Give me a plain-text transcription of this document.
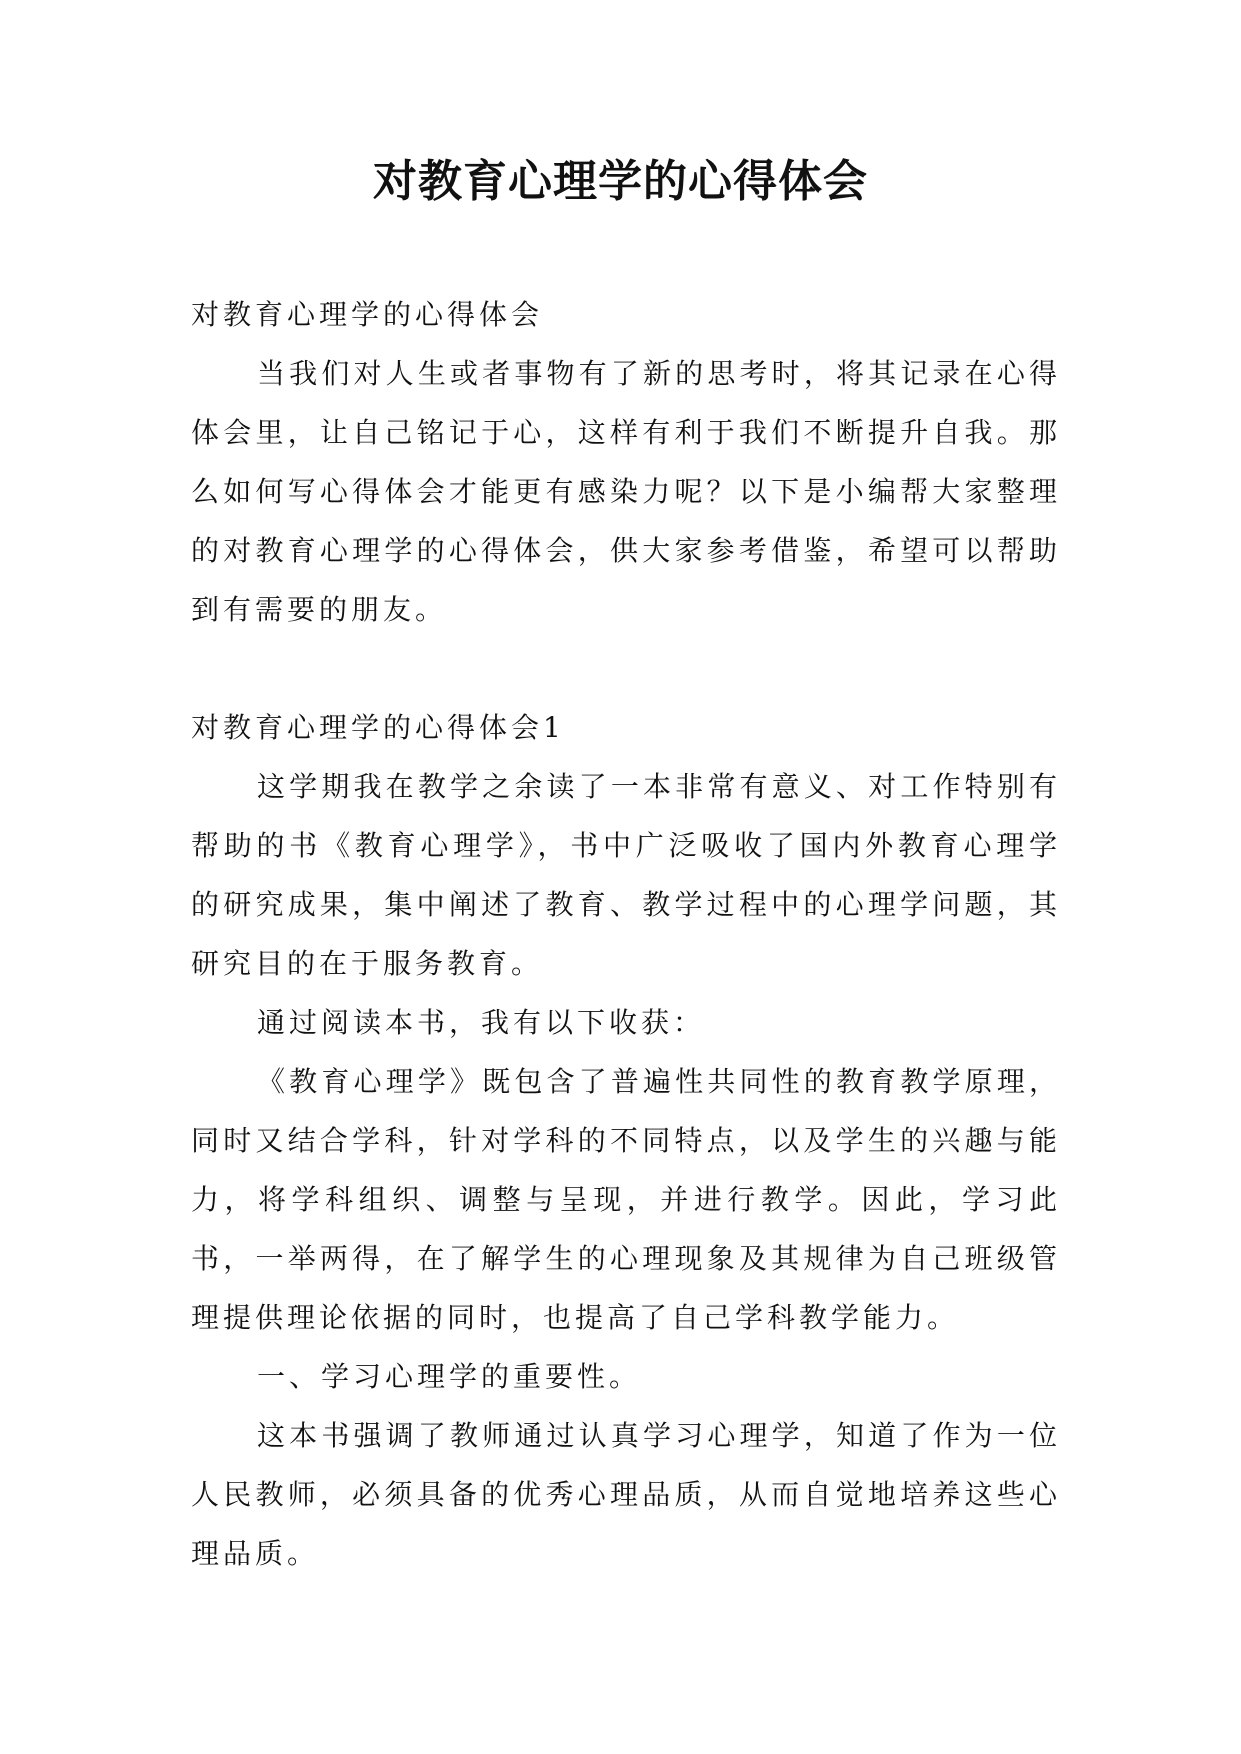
对教育心理学的心得体会

对教育心理学的心得体会

当我们对人生或者事物有了新的思考时，将其记录在心得体会里，让自己铭记于心，这样有利于我们不断提升自我。那么如何写心得体会才能更有感染力呢？以下是小编帮大家整理的对教育心理学的心得体会，供大家参考借鉴，希望可以帮助到有需要的朋友。

对教育心理学的心得体会1

这学期我在教学之余读了一本非常有意义、对工作特别有帮助的书《教育心理学》，书中广泛吸收了国内外教育心理学的研究成果，集中阐述了教育、教学过程中的心理学问题，其研究目的在于服务教育。

通过阅读本书，我有以下收获：

《教育心理学》既包含了普遍性共同性的教育教学原理，同时又结合学科，针对学科的不同特点，以及学生的兴趣与能力，将学科组织、调整与呈现，并进行教学。因此，学习此书，一举两得，在了解学生的心理现象及其规律为自己班级管理提供理论依据的同时，也提高了自己学科教学能力。

一、学习心理学的重要性。

这本书强调了教师通过认真学习心理学，知道了作为一位人民教师，必须具备的优秀心理品质，从而自觉地培养这些心理品质。
